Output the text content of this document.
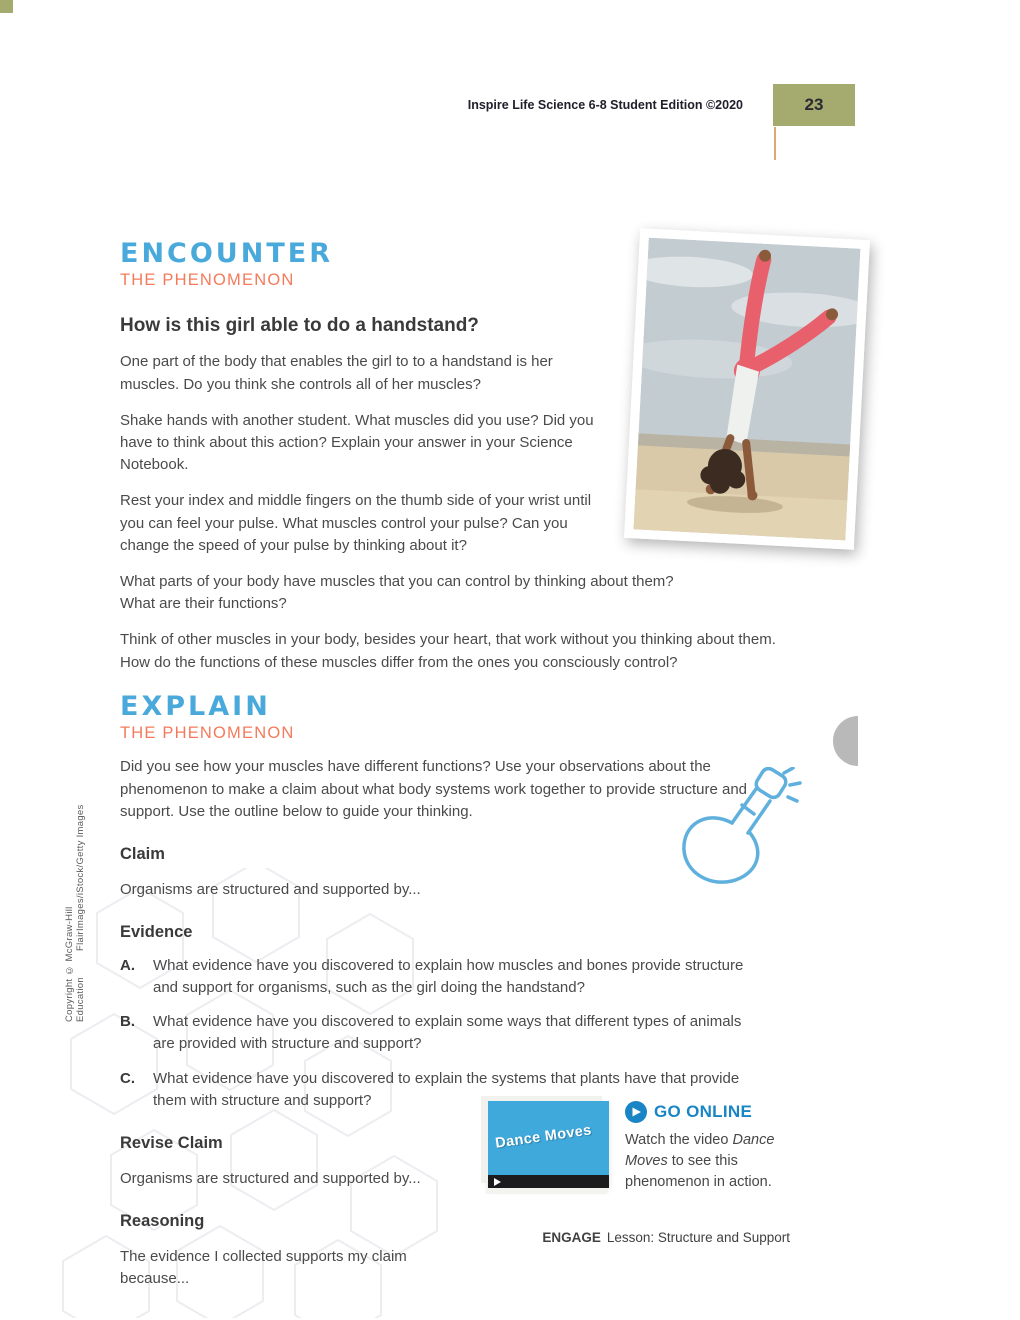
Inspire Life Science 6-8 Student Edition ©2020	23
ENCOUNTER
THE PHENOMENON
How is this girl able to do a handstand?

One part of the body that enables the girl to to a handstand is her muscles. Do you think she controls all of her muscles?

Shake hands with another student. What muscles did you use? Did you have to think about this action? Explain your answer in your Science Notebook.

Rest your index and middle fingers on the thumb side of your wrist until you can feel your pulse. What muscles control your pulse? Can you change the speed of your pulse by thinking about it?

What parts of your body have muscles that you can control by thinking about them? What are their functions?

Think of other muscles in your body, besides your heart, that work without you thinking about them. How do the functions of these muscles differ from the ones you consciously control?

EXPLAIN
THE PHENOMENON

Did you see how your muscles have different functions? Use your observations about the phenomenon to make a claim about what body systems work together to provide structure and support. Use the outline below to guide your thinking.

Claim

Organisms are structured and supported by...

Evidence
A.	What evidence have you discovered to explain how muscles and bones provide structure and support for organisms, such as the girl doing the handstand?
B.	What evidence have you discovered to explain some ways that different types of animals are provided with structure and support?
C.	What evidence have you discovered to explain the systems that plants have that provide them with structure and support?
Revise Claim

Organisms are structured and supported by...

Reasoning

The evidence I collected supports my claim because...

Dance Moves
GO ONLINE

Watch the video Dance Moves to see this phenomenon in action.

ENGAGE Lesson: Structure and Support
Copyright © McGraw-Hill EducationFlairImages/iStock/Getty Images
